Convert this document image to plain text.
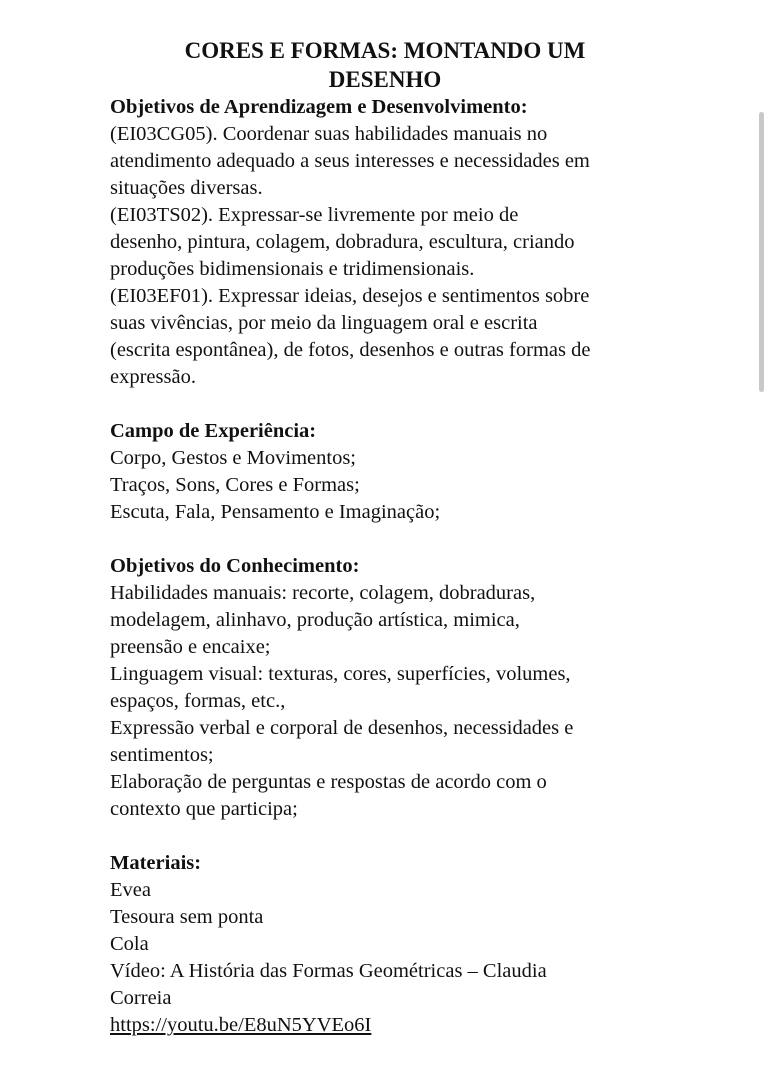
CORES E FORMAS: MONTANDO UM
DESENHO
Objetivos de Aprendizagem e Desenvolvimento:
(EI03CG05). Coordenar suas habilidades manuais no
atendimento adequado a seus interesses e necessidades em
situações diversas.
(EI03TS02). Expressar-se livremente por meio de
desenho, pintura, colagem, dobradura, escultura, criando
produções bidimensionais e tridimensionais.
(EI03EF01). Expressar ideias, desejos e sentimentos sobre
suas vivências, por meio da linguagem oral e escrita
(escrita espontânea), de fotos, desenhos e outras formas de
expressão.
Campo de Experiência:
Corpo, Gestos e Movimentos;
Traços, Sons, Cores e Formas;
Escuta, Fala, Pensamento e Imaginação;
Objetivos do Conhecimento:
Habilidades manuais: recorte, colagem, dobraduras,
modelagem, alinhavo, produção artística, mimica,
preensão e encaixe;
Linguagem visual: texturas, cores, superfícies, volumes,
espaços, formas, etc.,
Expressão verbal e corporal de desenhos, necessidades e
sentimentos;
Elaboração de perguntas e respostas de acordo com o
contexto que participa;
Materiais:
Evea
Tesoura sem ponta
Cola
Vídeo: A História das Formas Geométricas – Claudia
Correia
https://youtu.be/E8uN5YVEo6I
